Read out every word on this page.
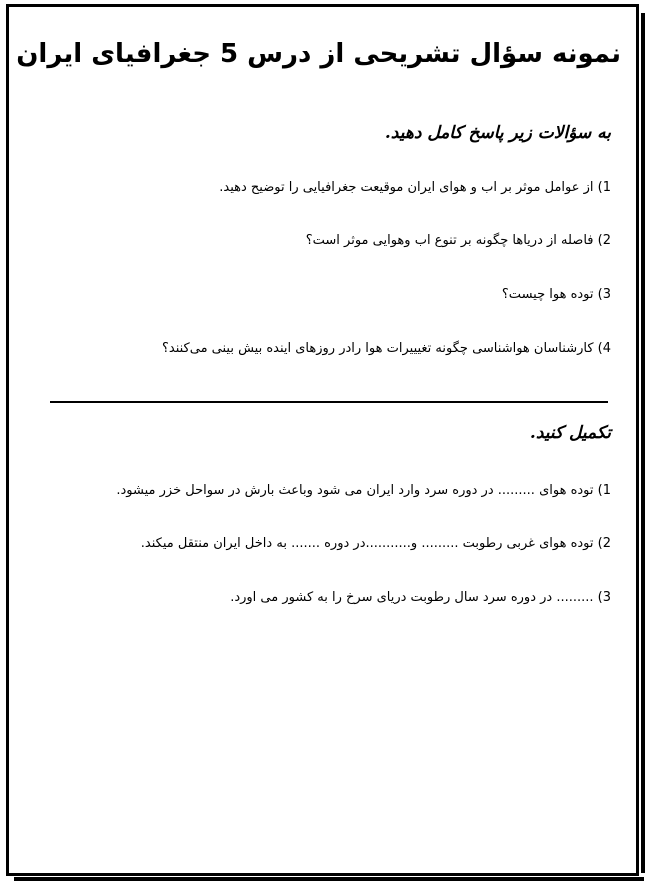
نمونه سؤال تشریحی از درس 5 جغرافیای ایران
به سؤالات زیر پاسخ کامل دهید.
1) از عوامل موثر بر اب و هوای ایران موقیعت جغرافیایی را توضیح دهید.
2) فاصله از دریاها چگونه بر تنوع اب وهوایی موثر است؟
3) توده هوا چیست؟
4) کارشناسان هواشناسی چگونه تغیییرات هوا رادر روزهای اینده بیش بینی می‌کنند؟
تکمیل کنید.
1) توده هوای ......... در دوره سرد وارد ایران می شود وباعث بارش در سواحل خزر میشود.
2) توده هوای غربی رطوبت ......... و...........در دوره ....... به داخل ایران منتقل میکند.
3) ......... در دوره سرد سال رطوبت دریای سرخ را به کشور می اورد.
